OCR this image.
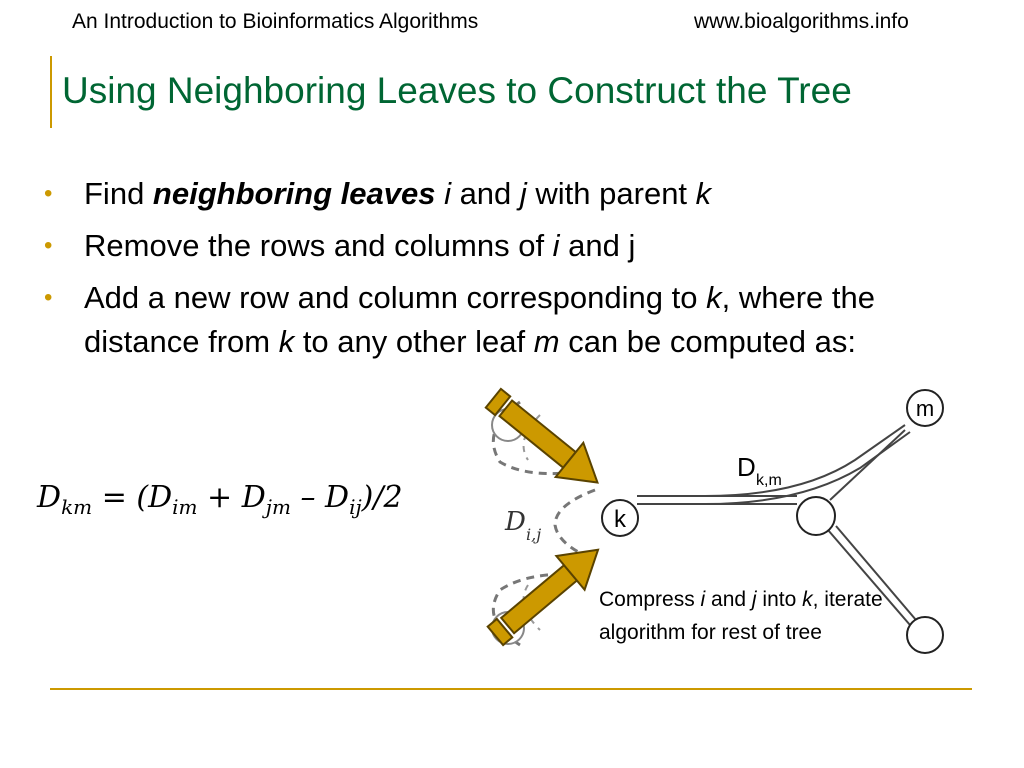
An Introduction to Bioinformatics Algorithms	www.bioalgorithms.info
Using Neighboring Leaves to Construct the Tree
• Find neighboring leaves i and j with parent k
• Remove the rows and columns of i and j
• Add a new row and column corresponding to k, where the distance from k to any other leaf m can be computed as:
$D_{km} = (D_{im} + D_{jm} - D_{ij})/2$
k
m
D k,m
D i,j
Compress i and j into k, iterate algorithm for rest of tree
